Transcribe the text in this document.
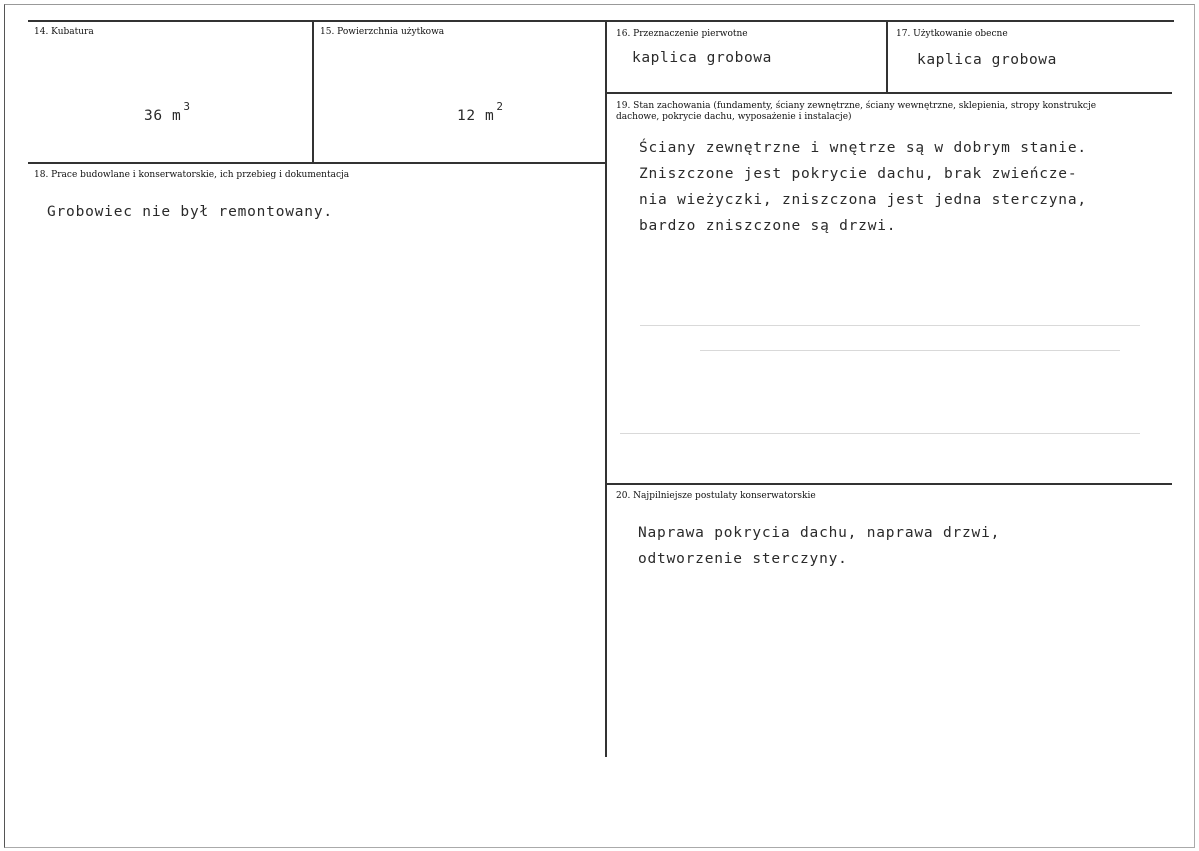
14. Kubatura
36 $m^3$
15. Powierzchnia użytkowa
12 $m^2$
16. Przeznaczenie pierwotne
kaplica grobowa
17. Użytkowanie obecne
kaplica grobowa
18. Prace budowlane i konserwatorskie, ich przebieg i dokumentacja
Grobowiec nie był remontowany.
19. Stan zachowania (fundamenty, ściany zewnętrzne, ściany wewnętrzne, sklepienia, stropy konstrukcje dachowe, pokrycie dachu, wyposażenie i instalacje)
Ściany zewnętrzne i wnętrze są w dobrym stanie.
Zniszczone jest pokrycie dachu, brak zwieńcze-
nia wieżyczki, zniszczona jest jedna sterczyna,
bardzo zniszczone są drzwi.
20. Najpilniejsze postulaty konserwatorskie
Naprawa pokrycia dachu, naprawa drzwi,
odtworzenie sterczyny.
